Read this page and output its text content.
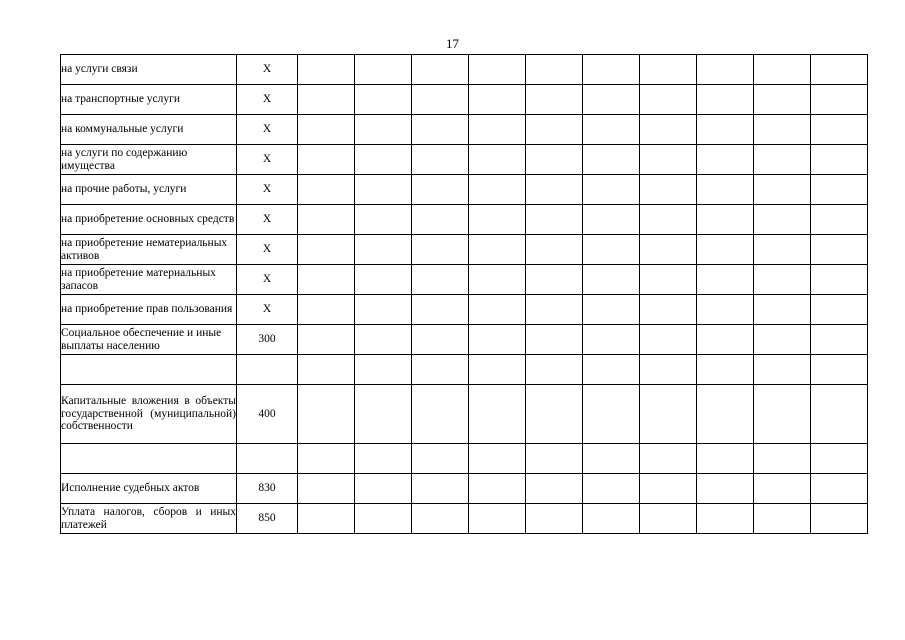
17
на услуги связи	X										
на транспортные услуги	X										
на коммунальные услуги	X										
на услуги по содержанию имущества	X										
на прочие работы, услуги	X										
на приобретение основных средств	X										
на приобретение нематериальных активов	X										
на приобретение материальных запасов	X										
на приобретение прав пользования	X										
Социальное обеспечение и иные выплаты населению	300										

Капитальные вложения в объекты государственной (муниципальной) собственности	400										

Исполнение судебных актов	830										
Уплата налогов, сборов и иных платежей	850										
